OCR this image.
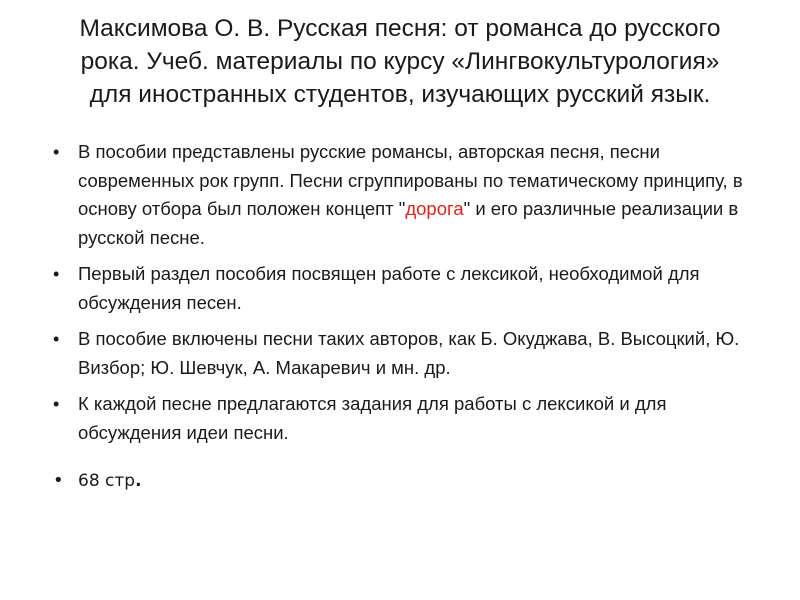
Максимова О. В. Русская песня: от романса до русского рока. Учеб. материалы по курсу «Лингвокультурология» для иностранных студентов, изучающих русский язык.
• В пособии представлены русские романсы, авторская песня, песни современных рок групп. Песни сгруппированы по тематическому принципу, в основу отбора был положен концепт "дорога" и его различные реализации в русской песне.
• Первый раздел пособия посвящен работе с лексикой, необходимой для обсуждения песен.
• В пособие включены песни таких авторов, как Б. Окуджава, В. Высоцкий, Ю. Визбор; Ю. Шевчук, А. Макаревич и мн. др.
• К каждой песне предлагаются задания для работы с лексикой и для обсуждения идеи песни.
• 68 стр.
